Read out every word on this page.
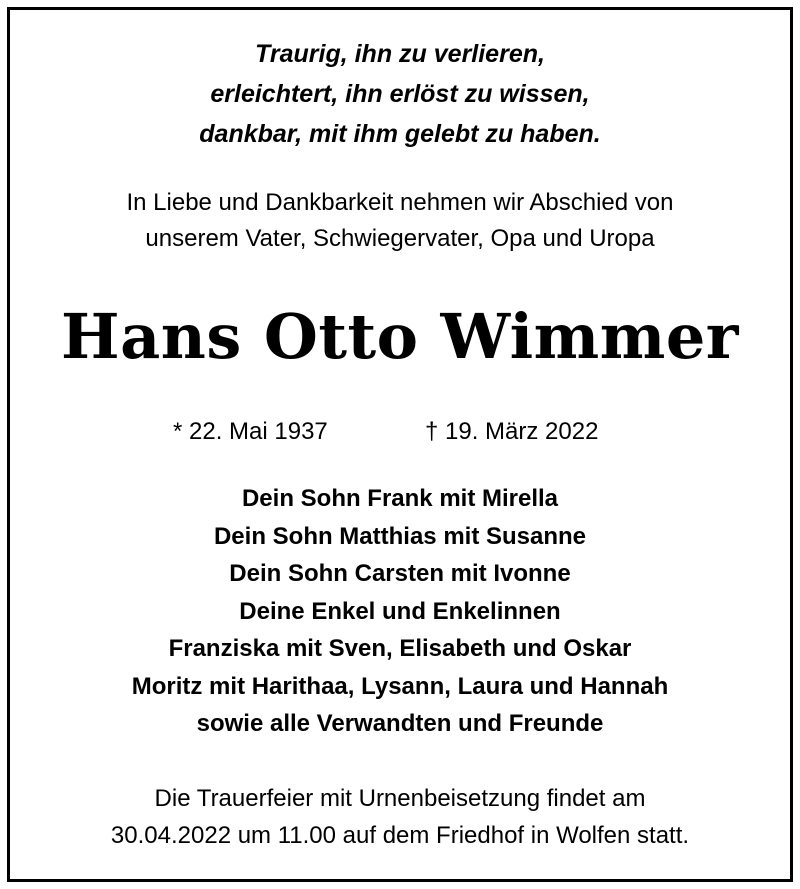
Traurig, ihn zu verlieren,
erleichtert, ihn erlöst zu wissen,
dankbar, mit ihm gelebt zu haben.
In Liebe und Dankbarkeit nehmen wir Abschied von
unserem Vater, Schwiegervater, Opa und Uropa
Hans Otto Wimmer
* 22. Mai 1937	† 19. März 2022
Dein Sohn Frank mit Mirella
Dein Sohn Matthias mit Susanne
Dein Sohn Carsten mit Ivonne
Deine Enkel und Enkelinnen
Franziska mit Sven, Elisabeth und Oskar
Moritz mit Harithaa, Lysann, Laura und Hannah
sowie alle Verwandten und Freunde
Die Trauerfeier mit Urnenbeisetzung findet am
30.04.2022 um 11.00 auf dem Friedhof in Wolfen statt.
